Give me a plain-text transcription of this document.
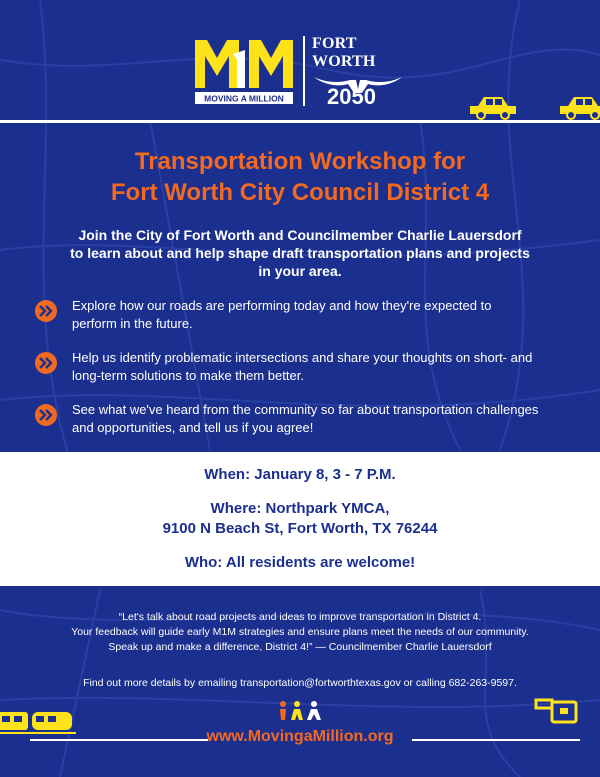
MOVING A MILLION
FORT WORTH
2050
Transportation Workshop for
Fort Worth City Council District 4
Join the City of Fort Worth and Councilmember Charlie Lauersdorf
to learn about and help shape draft transportation plans and projects
in your area.
Explore how our roads are performing today and how they're expected to
perform in the future.
Help us identify problematic intersections and share your thoughts on short- and
long-term solutions to make them better.
See what we've heard from the community so far about transportation challenges
and opportunities, and tell us if you agree!
When: January 8, 3 - 7 P.M.
Where: Northpark YMCA,
9100 N Beach St, Fort Worth, TX 76244
Who: All residents are welcome!
“Let's talk about road projects and ideas to improve transportation in District 4.
Your feedback will guide early M1M strategies and ensure plans meet the needs of our community.
Speak up and make a difference, District 4!” — Councilmember Charlie Lauersdorf
Find out more details by emailing transportation@fortworthtexas.gov or calling 682-263-9597.
www.MovingaMillion.org
